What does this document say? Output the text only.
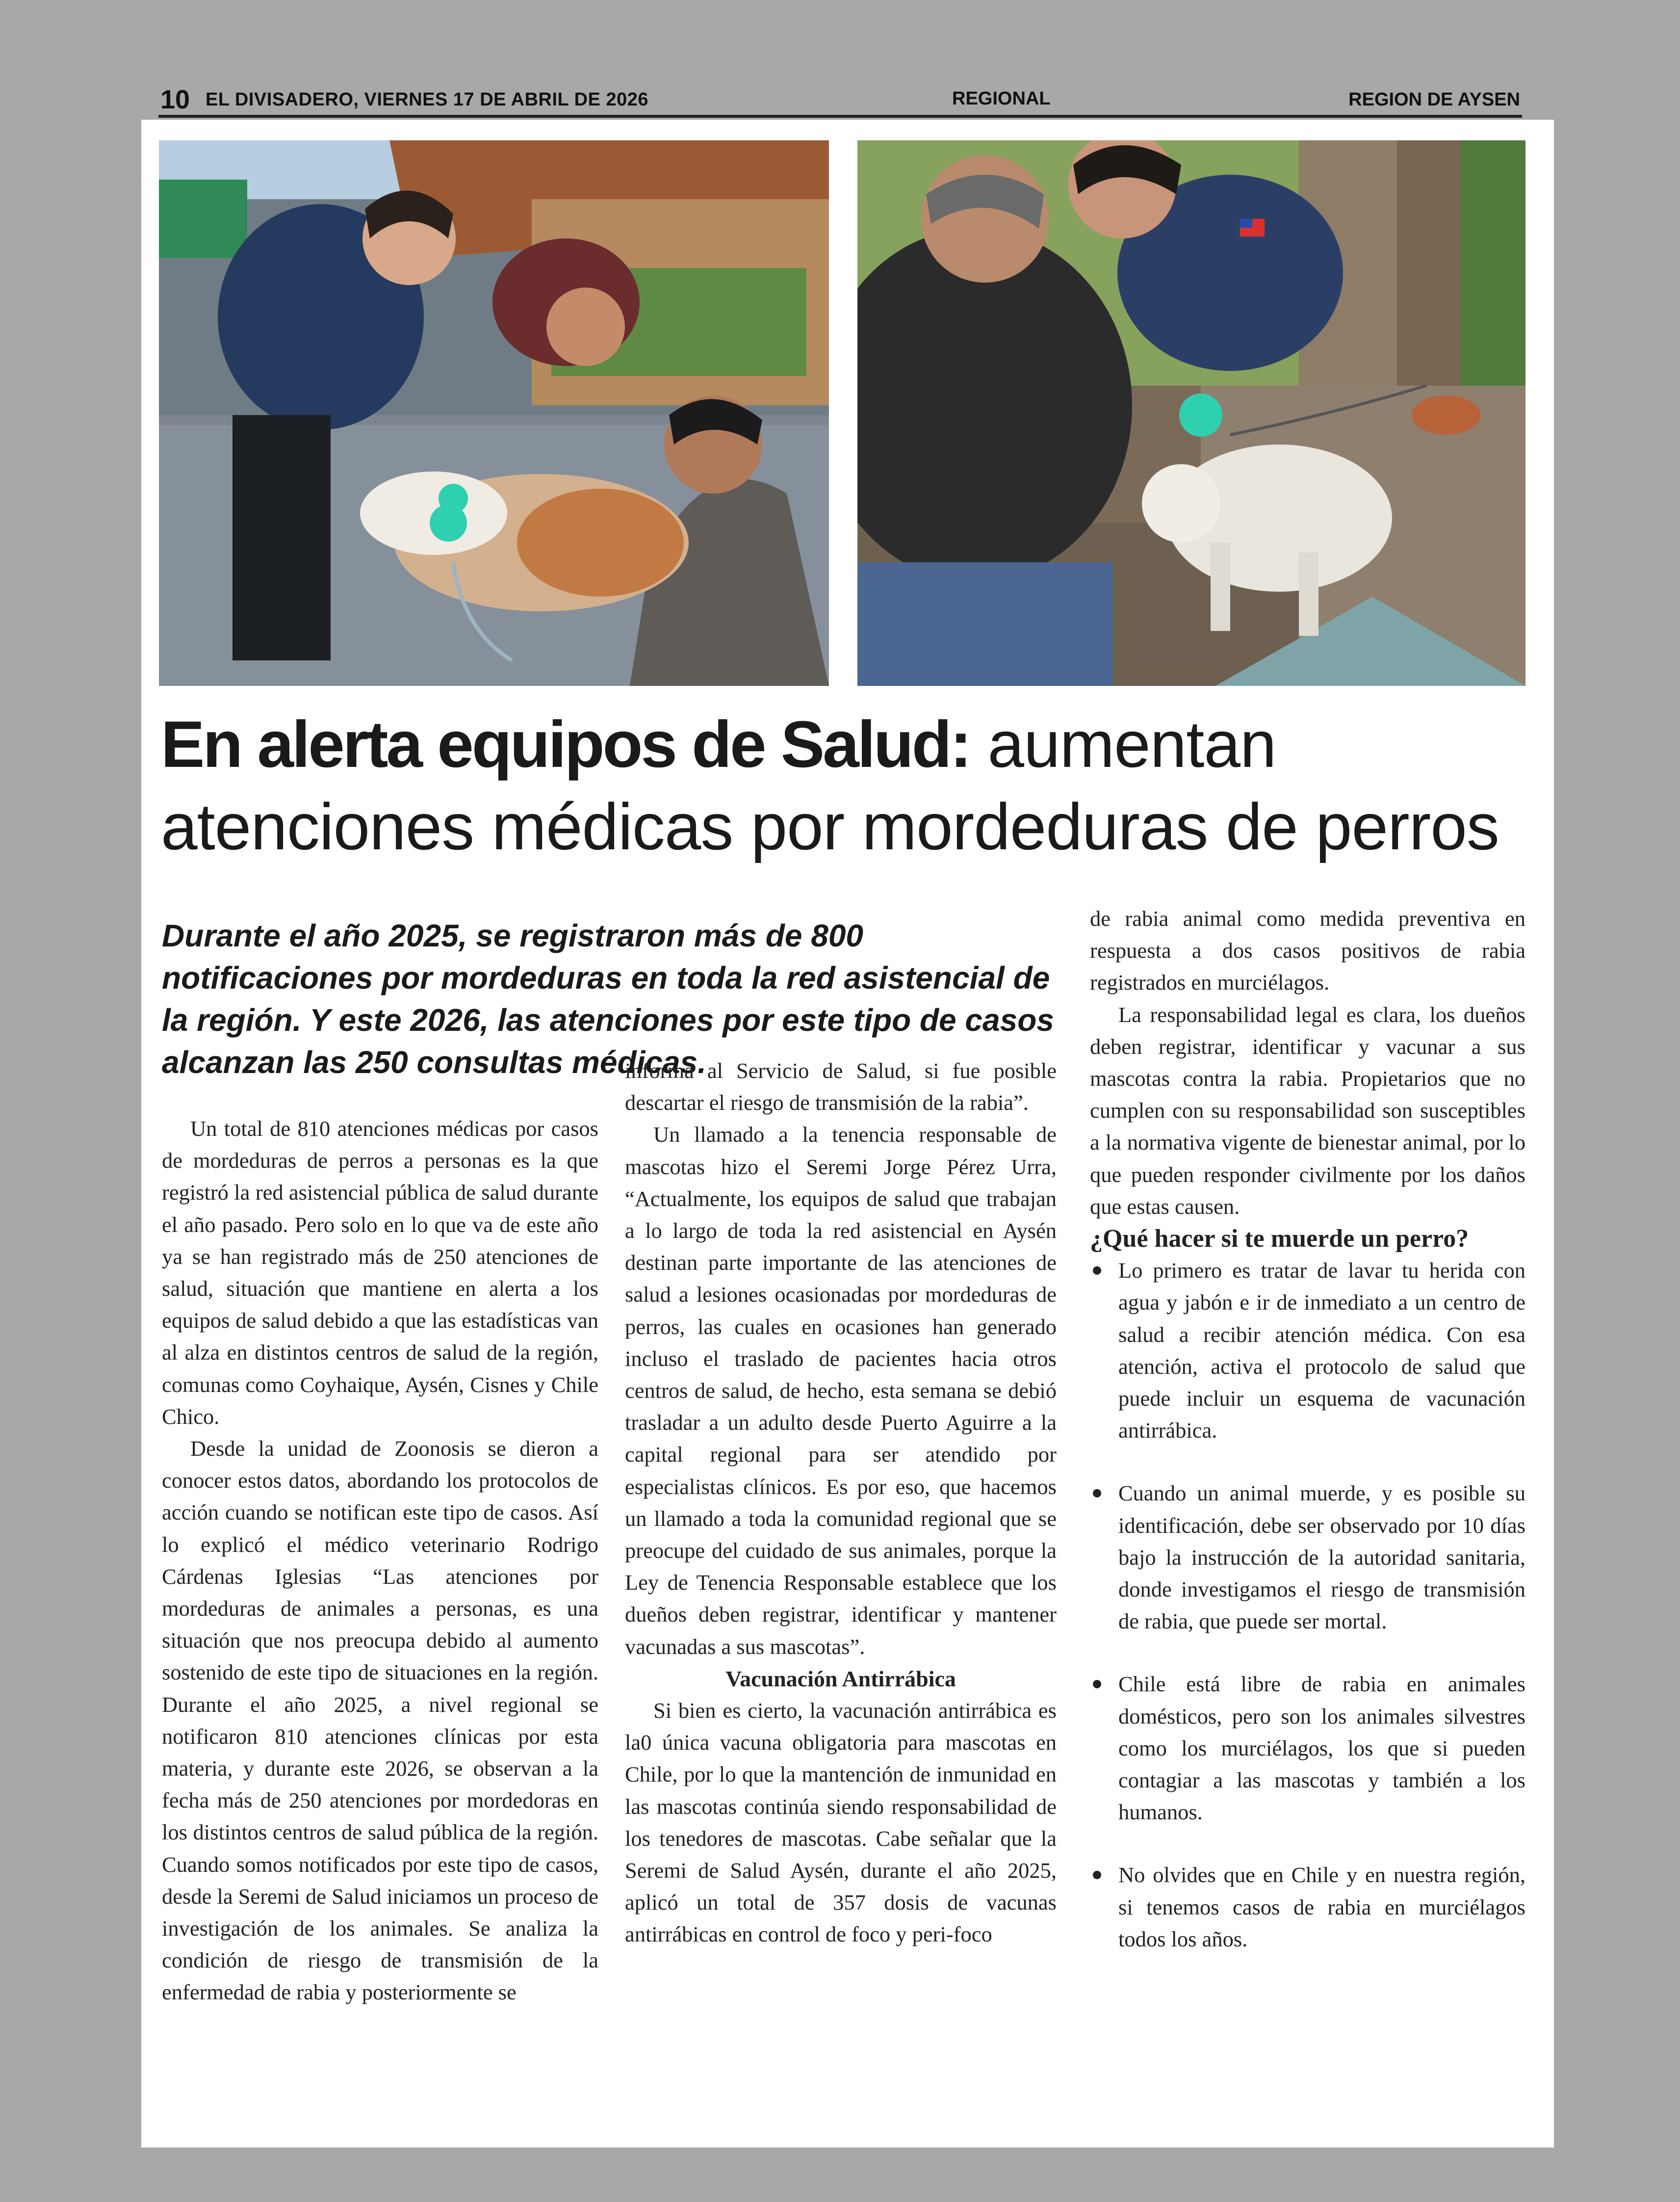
10 EL DIVISADERO, VIERNES 17 DE ABRIL DE 2026	REGIONAL	REGION DE AYSEN
En alerta equipos de Salud: aumentan atenciones médicas por mordeduras de perros
Durante el año 2025, se registraron más de 800 notificaciones por mordeduras en toda la red asistencial de la región. Y este 2026, las atenciones por este tipo de casos alcanzan las 250 consultas médicas.

Un total de 810 atenciones médicas por casos de mordeduras de perros a personas es la que registró la red asistencial pública de salud durante el año pasado. Pero solo en lo que va de este año ya se han registrado más de 250 atenciones de salud, situación que mantiene en alerta a los equipos de salud debido a que las estadísticas van al alza en distintos centros de salud de la región, comunas como Coyhaique, Aysén, Cisnes y Chile Chico.

Desde la unidad de Zoonosis se dieron a conocer estos datos, abordando los protocolos de acción cuando se notifican este tipo de casos. Así lo explicó el médico veterinario Rodrigo Cárdenas Iglesias “Las atenciones por mordeduras de animales a personas, es una situación que nos preocupa debido al aumento sostenido de este tipo de situaciones en la región. Durante el año 2025, a nivel regional se notificaron 810 atenciones clínicas por esta materia, y durante este 2026, se observan a la fecha más de 250 atenciones por mordedoras en los distintos centros de salud pública de la región. Cuando somos notificados por este tipo de casos, desde la Seremi de Salud iniciamos un proceso de investigación de los animales. Se analiza la condición de riesgo de transmisión de la enfermedad de rabia y posteriormente se

informa al Servicio de Salud, si fue posible descartar el riesgo de transmisión de la rabia”.

Un llamado a la tenencia responsable de mascotas hizo el Seremi Jorge Pérez Urra, “Actualmente, los equipos de salud que trabajan a lo largo de toda la red asistencial en Aysén destinan parte importante de las atenciones de salud a lesiones ocasionadas por mordeduras de perros, las cuales en ocasiones han generado incluso el traslado de pacientes hacia otros centros de salud, de hecho, esta semana se debió trasladar a un adulto desde Puerto Aguirre a la capital regional para ser atendido por especialistas clínicos. Es por eso, que hacemos un llamado a toda la comunidad regional que se preocupe del cuidado de sus animales, porque la Ley de Tenencia Responsable establece que los dueños deben registrar, identificar y mantener vacunadas a sus mascotas”.

Vacunación Antirrábica

Si bien es cierto, la vacunación antirrábica es la0 única vacuna obligatoria para mascotas en Chile, por lo que la mantención de inmunidad en las mascotas continúa siendo responsabilidad de los tenedores de mascotas. Cabe señalar que la Seremi de Salud Aysén, durante el año 2025, aplicó un total de 357 dosis de vacunas antirrábicas en control de foco y peri-foco

de rabia animal como medida preventiva en respuesta a dos casos positivos de rabia registrados en murciélagos.

La responsabilidad legal es clara, los dueños deben registrar, identificar y vacunar a sus mascotas contra la rabia. Propietarios que no cumplen con su responsabilidad son susceptibles a la normativa vigente de bienestar animal, por lo que pueden responder civilmente por los daños que estas causen.

¿Qué hacer si te muerde un perro?

Lo primero es tratar de lavar tu herida con agua y jabón e ir de inmediato a un centro de salud a recibir atención médica. Con esa atención, activa el protocolo de salud que puede incluir un esquema de vacunación antirrábica.
Cuando un animal muerde, y es posible su identificación, debe ser observado por 10 días bajo la instrucción de la autoridad sanitaria, donde investigamos el riesgo de transmisión de rabia, que puede ser mortal.
Chile está libre de rabia en animales domésticos, pero son los animales silvestres como los murciélagos, los que si pueden contagiar a las mascotas y también a los humanos.
No olvides que en Chile y en nuestra región, si tenemos casos de rabia en murciélagos todos los años.
